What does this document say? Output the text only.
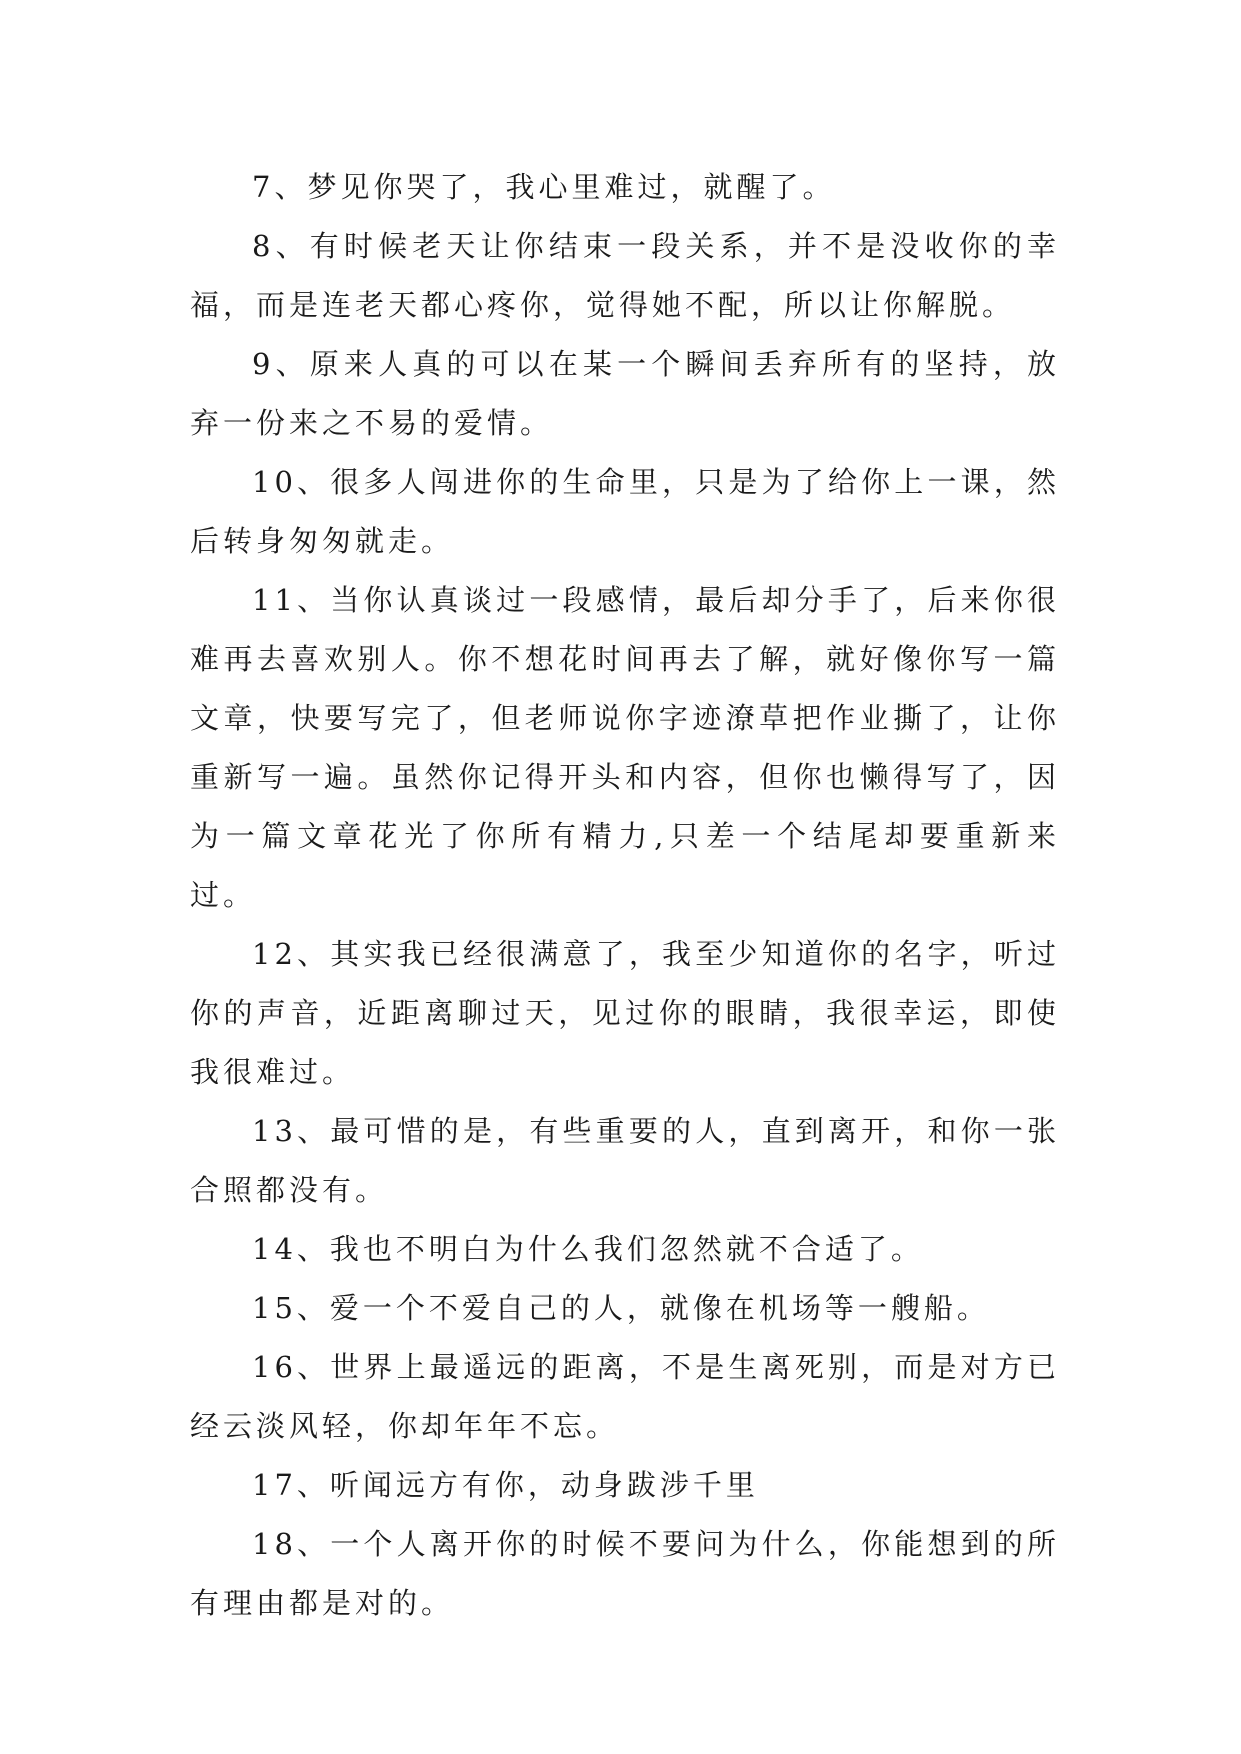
7、梦见你哭了，我心里难过，就醒了。

8、有时候老天让你结束一段关系，并不是没收你的幸福，而是连老天都心疼你，觉得她不配，所以让你解脱。

9、原来人真的可以在某一个瞬间丢弃所有的坚持，放弃一份来之不易的爱情。

10、很多人闯进你的生命里，只是为了给你上一课，然后转身匆匆就走。

11、当你认真谈过一段感情，最后却分手了，后来你很难再去喜欢别人。你不想花时间再去了解，就好像你写一篇文章，快要写完了，但老师说你字迹潦草把作业撕了，让你重新写一遍。虽然你记得开头和内容，但你也懒得写了，因为一篇文章花光了你所有精力,只差一个结尾却要重新来过。

12、其实我已经很满意了，我至少知道你的名字，听过你的声音，近距离聊过天，见过你的眼睛，我很幸运，即使我很难过。

13、最可惜的是，有些重要的人，直到离开，和你一张合照都没有。

14、我也不明白为什么我们忽然就不合适了。

15、爱一个不爱自己的人，就像在机场等一艘船。

16、世界上最遥远的距离，不是生离死别，而是对方已经云淡风轻，你却年年不忘。

17、听闻远方有你，动身跋涉千里

18、一个人离开你的时候不要问为什么，你能想到的所有理由都是对的。
